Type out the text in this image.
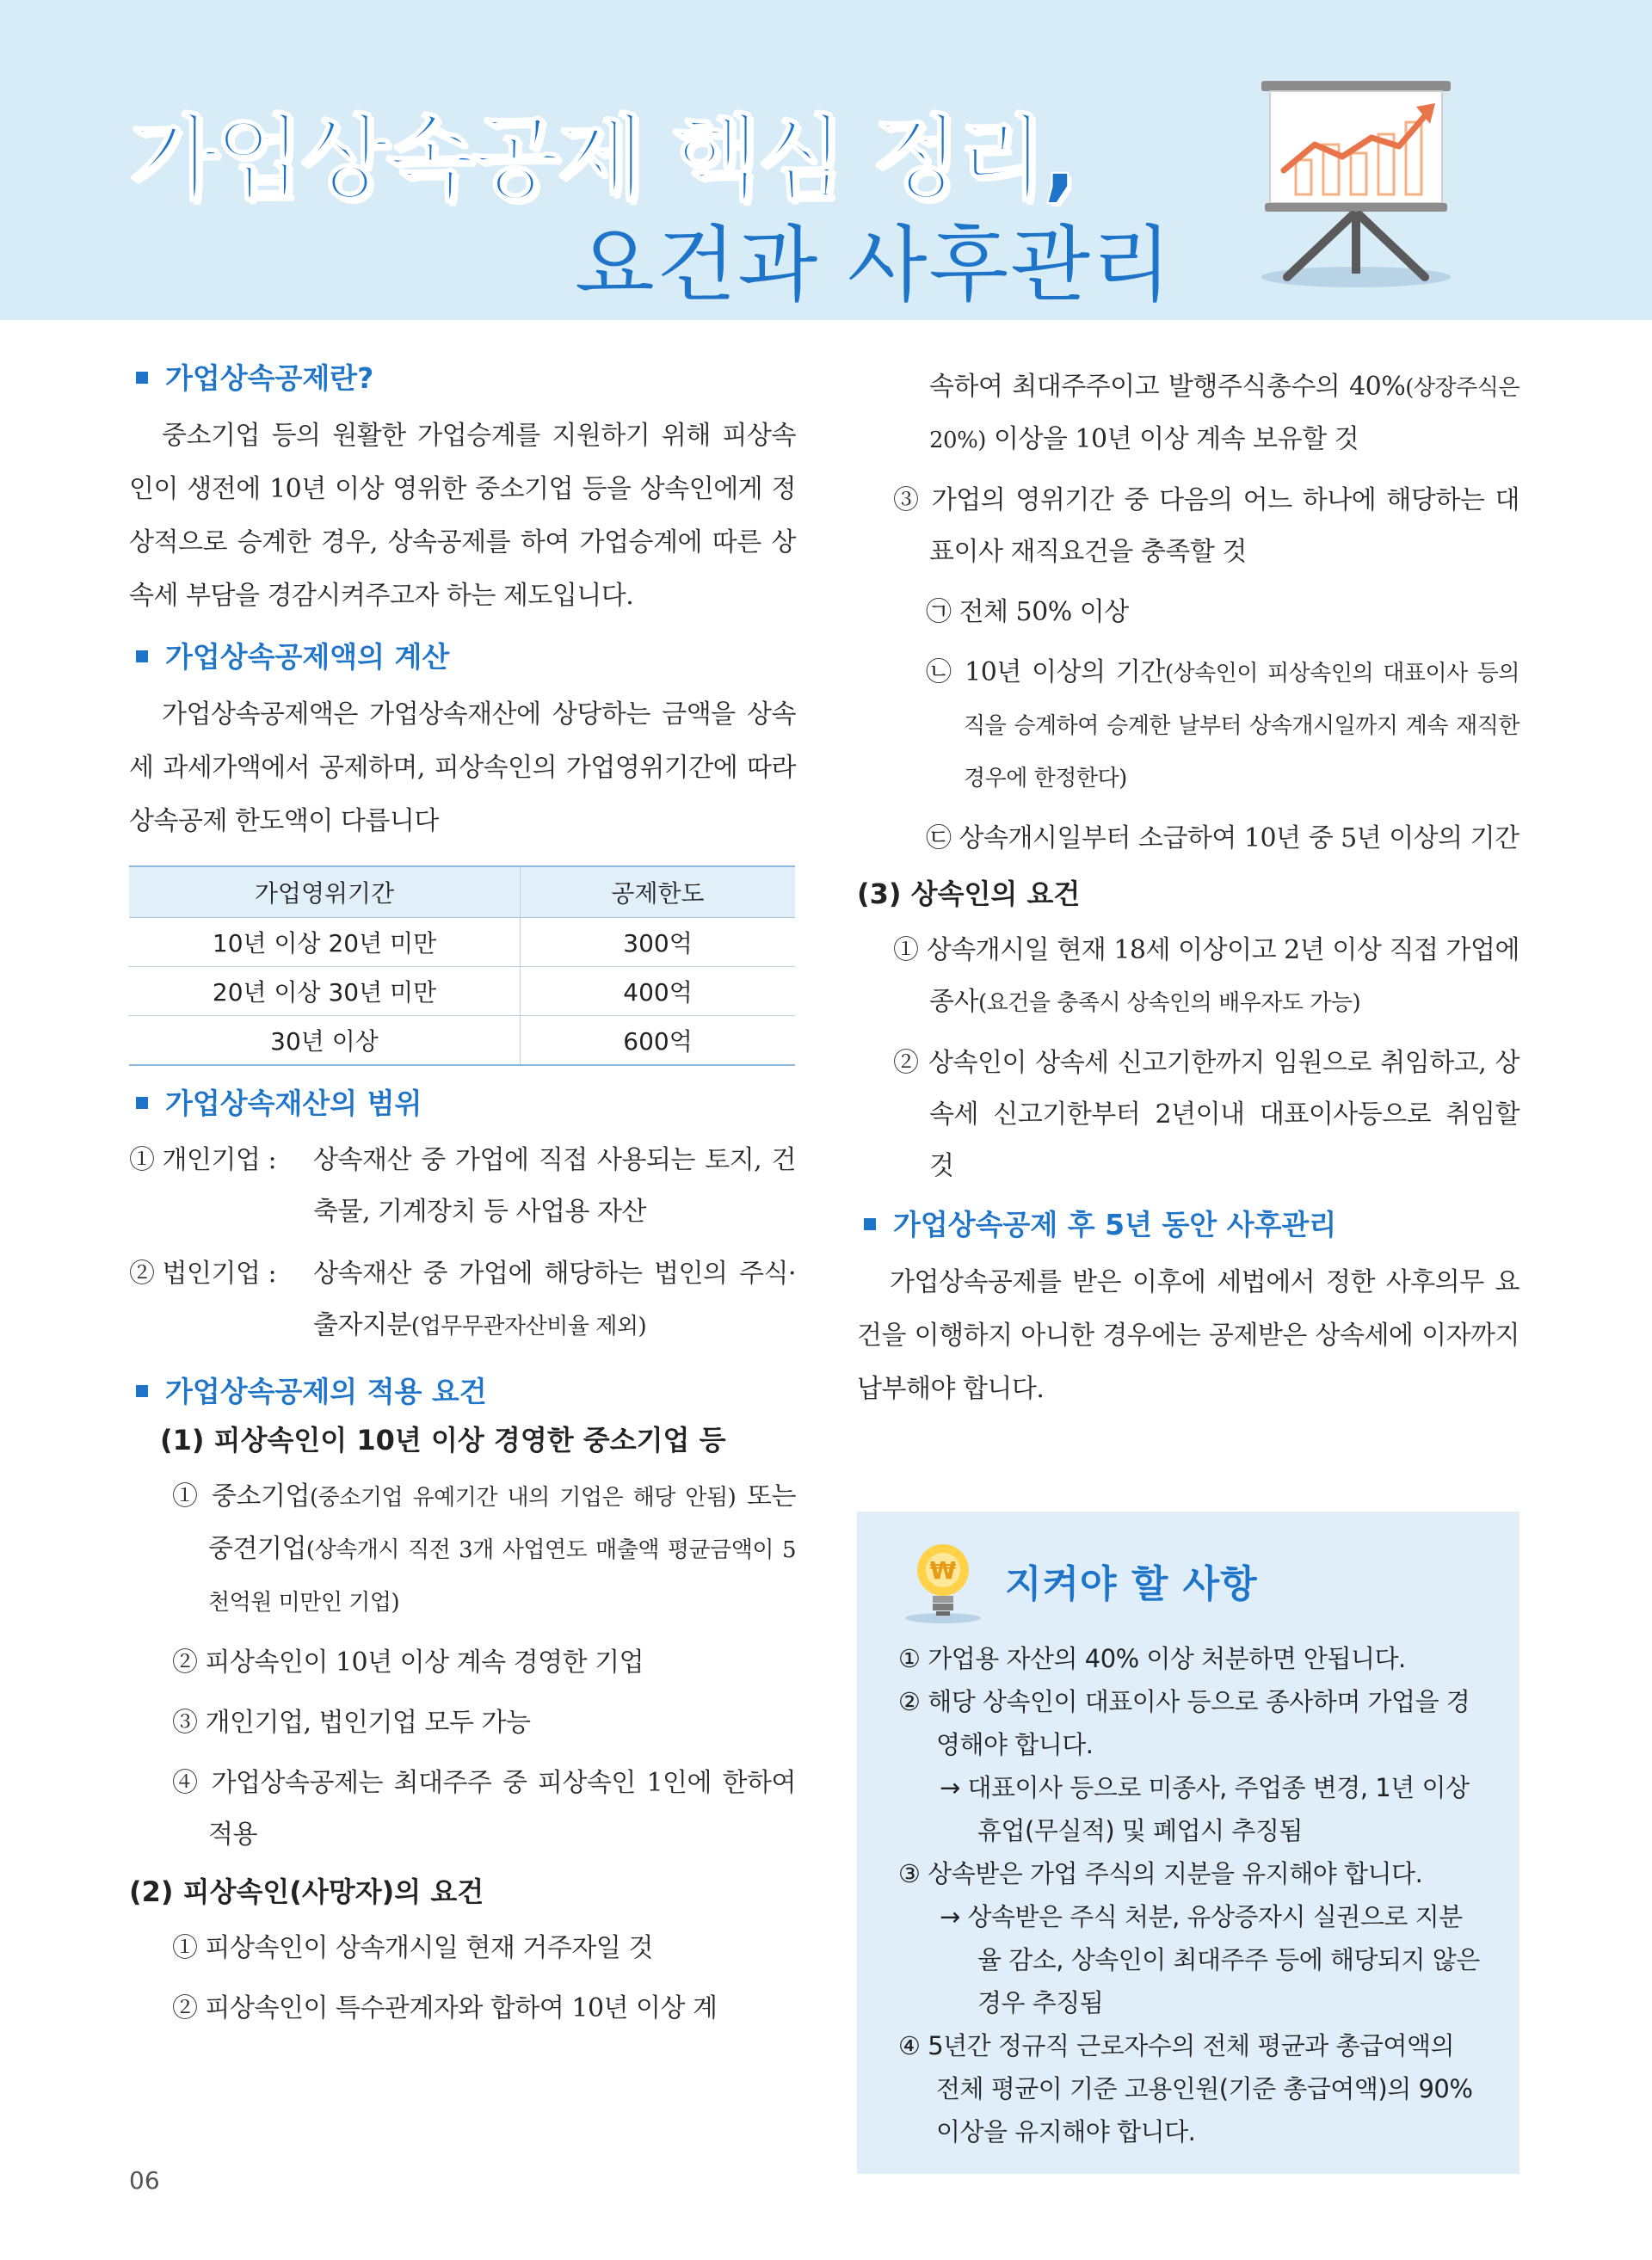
가업상속공제 핵심 정리,
요건과 사후관리
가업상속공제란?

중소기업 등의 원활한 가업승계를 지원하기 위해 피상속인이 생전에 10년 이상 영위한 중소기업 등을 상속인에게 정상적으로 승계한 경우, 상속공제를 하여 가업승계에 따른 상속세 부담을 경감시켜주고자 하는 제도입니다.

가업상속공제액의 계산

가업상속공제액은 가업상속재산에 상당하는 금액을 상속세 과세가액에서 공제하며, 피상속인의 가업영위기간에 따라 상속공제 한도액이 다릅니다

가업영위기간	공제한도
10년 이상 20년 미만	300억
20년 이상 30년 미만	400억
30년 이상	600억
가업상속재산의 범위
① 개인기업 :	상속재산 중 가업에 직접 사용되는 토지, 건축물, 기계장치 등 사업용 자산
② 법인기업 :	상속재산 중 가업에 해당하는 법인의 주식·출자지분(업무무관자산비율 제외)
가업상속공제의 적용 요건
(1) 피상속인이 10년 이상 경영한 중소기업 등
① 중소기업(중소기업 유예기간 내의 기업은 해당 안됨) 또는 중견기업(상속개시 직전 3개 사업연도 매출액 평균금액이 5천억원 미만인 기업)
② 피상속인이 10년 이상 계속 경영한 기업
③ 개인기업, 법인기업 모두 가능
④ 가업상속공제는 최대주주 중 피상속인 1인에 한하여 적용
(2) 피상속인(사망자)의 요건
① 피상속인이 상속개시일 현재 거주자일 것
② 피상속인이 특수관계자와 합하여 10년 이상 계
속하여 최대주주이고 발행주식총수의 40%(상장주식은 20%) 이상을 10년 이상 계속 보유할 것
③ 가업의 영위기간 중 다음의 어느 하나에 해당하는 대표이사 재직요건을 충족할 것
㉠ 전체 50% 이상
㉡ 10년 이상의 기간(상속인이 피상속인의 대표이사 등의 직을 승계하여 승계한 날부터 상속개시일까지 계속 재직한 경우에 한정한다)
㉢ 상속개시일부터 소급하여 10년 중 5년 이상의 기간
(3) 상속인의 요건
① 상속개시일 현재 18세 이상이고 2년 이상 직접 가업에 종사(요건을 충족시 상속인의 배우자도 가능)
② 상속인이 상속세 신고기한까지 임원으로 취임하고, 상속세 신고기한부터 2년이내 대표이사등으로 취임할 것
가업상속공제 후 5년 동안 사후관리

가업상속공제를 받은 이후에 세법에서 정한 사후의무 요건을 이행하지 아니한 경우에는 공제받은 상속세에 이자까지 납부해야 합니다.

₩ 지켜야 할 사항
① 가업용 자산의 40% 이상 처분하면 안됩니다.
② 해당 상속인이 대표이사 등으로 종사하며 가업을 경영해야 합니다.
→ 대표이사 등으로 미종사, 주업종 변경, 1년 이상 휴업(무실적) 및 폐업시 추징됨
③ 상속받은 가업 주식의 지분을 유지해야 합니다.
→ 상속받은 주식 처분, 유상증자시 실권으로 지분율 감소, 상속인이 최대주주 등에 해당되지 않은 경우 추징됨
④ 5년간 정규직 근로자수의 전체 평균과 총급여액의 전체 평균이 기준 고용인원(기준 총급여액)의 90% 이상을 유지해야 합니다.
06
